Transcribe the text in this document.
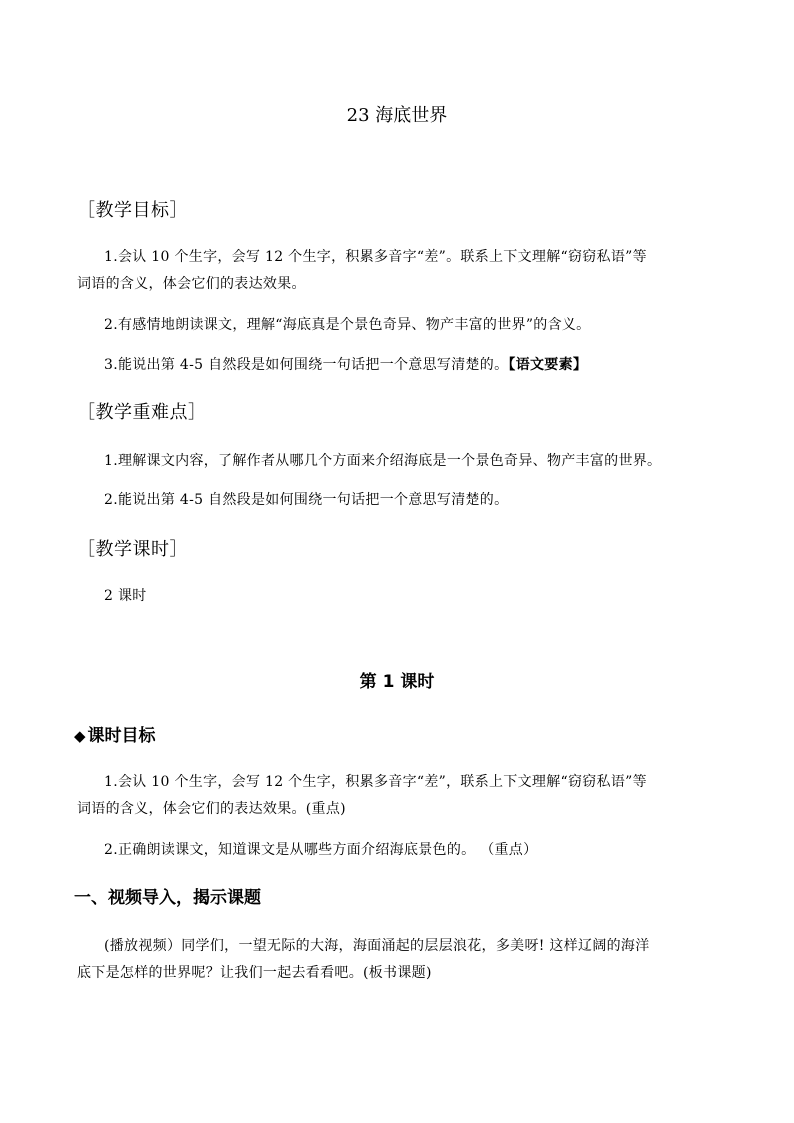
23 海底世界
［教学目标］
1.会认 10 个生字，会写 12 个生字，积累多音字“差”。联系上下文理解“窃窃私语”等
词语的含义，体会它们的表达效果。
2.有感情地朗读课文，理解“海底真是个景色奇异、物产丰富的世界”的含义。
3.能说出第 4-5 自然段是如何围绕一句话把一个意思写清楚的。【语文要素】
［教学重难点］
1.理解课文内容，了解作者从哪几个方面来介绍海底是一个景色奇异、物产丰富的世界。
2.能说出第 4-5 自然段是如何围绕一句话把一个意思写清楚的。
［教学课时］
2 课时
第 1 课时
◆ 课时目标
1.会认 10 个生字，会写 12 个生字，积累多音字“差”，联系上下文理解“窃窃私语”等
词语的含义，体会它们的表达效果。(重点)
2.正确朗读课文，知道课文是从哪些方面介绍海底景色的。 （重点）
一、视频导入，揭示课题
(播放视频）同学们，一望无际的大海，海面涌起的层层浪花，多美呀! 这样辽阔的海洋
底下是怎样的世界呢？让我们一起去看看吧。(板书课题)
